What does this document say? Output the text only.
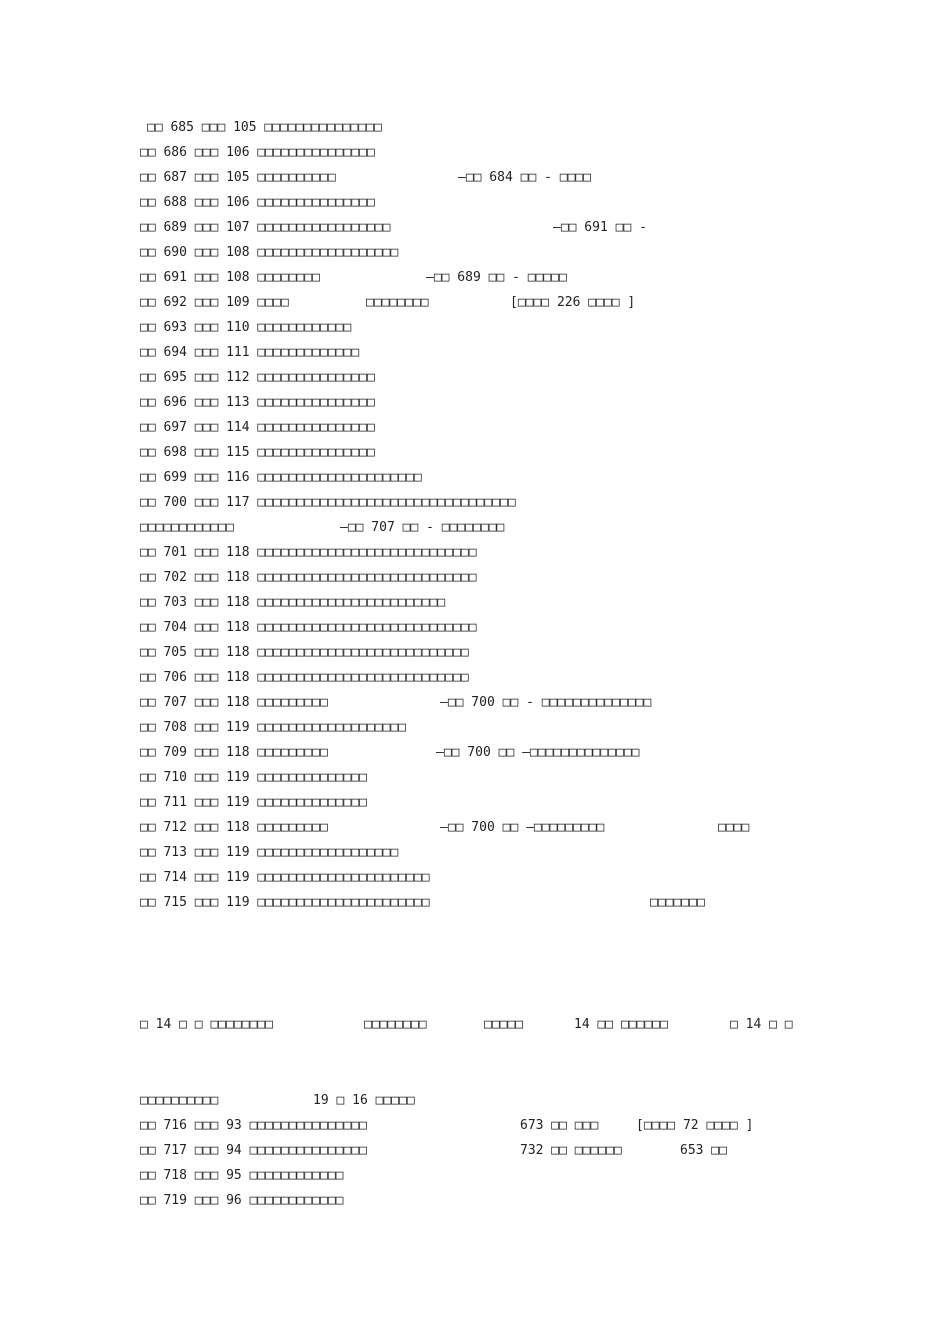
□□ 685 □□□ 105 □□□□□□□□□□□□□□□
□□ 686 □□□ 106 □□□□□□□□□□□□□□□
□□ 687 □□□ 105 □□□□□□□□□□	—□□ 684 □□ - □□□□
□□ 688 □□□ 106 □□□□□□□□□□□□□□□
□□ 689 □□□ 107 □□□□□□□□□□□□□□□□□	—□□ 691 □□ -
□□ 690 □□□ 108 □□□□□□□□□□□□□□□□□□
□□ 691 □□□ 108 □□□□□□□□	—□□ 689 □□ - □□□□□
□□ 692 □□□ 109 □□□□	□□□□□□□□	[□□□□ 226 □□□□ ]
□□ 693 □□□ 110 □□□□□□□□□□□□
□□ 694 □□□ 111 □□□□□□□□□□□□□
□□ 695 □□□ 112 □□□□□□□□□□□□□□□
□□ 696 □□□ 113 □□□□□□□□□□□□□□□
□□ 697 □□□ 114 □□□□□□□□□□□□□□□
□□ 698 □□□ 115 □□□□□□□□□□□□□□□
□□ 699 □□□ 116 □□□□□□□□□□□□□□□□□□□□□
□□ 700 □□□ 117 □□□□□□□□□□□□□□□□□□□□□□□□□□□□□□□□□
□□□□□□□□□□□□	—□□ 707 □□ - □□□□□□□□
□□ 701 □□□ 118 □□□□□□□□□□□□□□□□□□□□□□□□□□□□
□□ 702 □□□ 118 □□□□□□□□□□□□□□□□□□□□□□□□□□□□
□□ 703 □□□ 118 □□□□□□□□□□□□□□□□□□□□□□□□
□□ 704 □□□ 118 □□□□□□□□□□□□□□□□□□□□□□□□□□□□
□□ 705 □□□ 118 □□□□□□□□□□□□□□□□□□□□□□□□□□□
□□ 706 □□□ 118 □□□□□□□□□□□□□□□□□□□□□□□□□□□
□□ 707 □□□ 118 □□□□□□□□□	—□□ 700 □□ - □□□□□□□□□□□□□□
□□ 708 □□□ 119 □□□□□□□□□□□□□□□□□□□
□□ 709 □□□ 118 □□□□□□□□□	—□□ 700 □□ —□□□□□□□□□□□□□□
□□ 710 □□□ 119 □□□□□□□□□□□□□□
□□ 711 □□□ 119 □□□□□□□□□□□□□□
□□ 712 □□□ 118 □□□□□□□□□	—□□ 700 □□ —□□□□□□□□□	□□□□
□□ 713 □□□ 119 □□□□□□□□□□□□□□□□□□
□□ 714 □□□ 119 □□□□□□□□□□□□□□□□□□□□□□
□□ 715 □□□ 119 □□□□□□□□□□□□□□□□□□□□□□	□□□□□□□
□ 14 □ □ □□□□□□□□	□□□□□□□□	□□□□□	14 □□ □□□□□□	□ 14 □ □
□□□□□□□□□□	19 □ 16 □□□□□
□□ 716 □□□ 93 □□□□□□□□□□□□□□□	673 □□ □□□	[□□□□ 72 □□□□ ]
□□ 717 □□□ 94 □□□□□□□□□□□□□□□	732 □□ □□□□□□	653 □□
□□ 718 □□□ 95 □□□□□□□□□□□□
□□ 719 □□□ 96 □□□□□□□□□□□□
